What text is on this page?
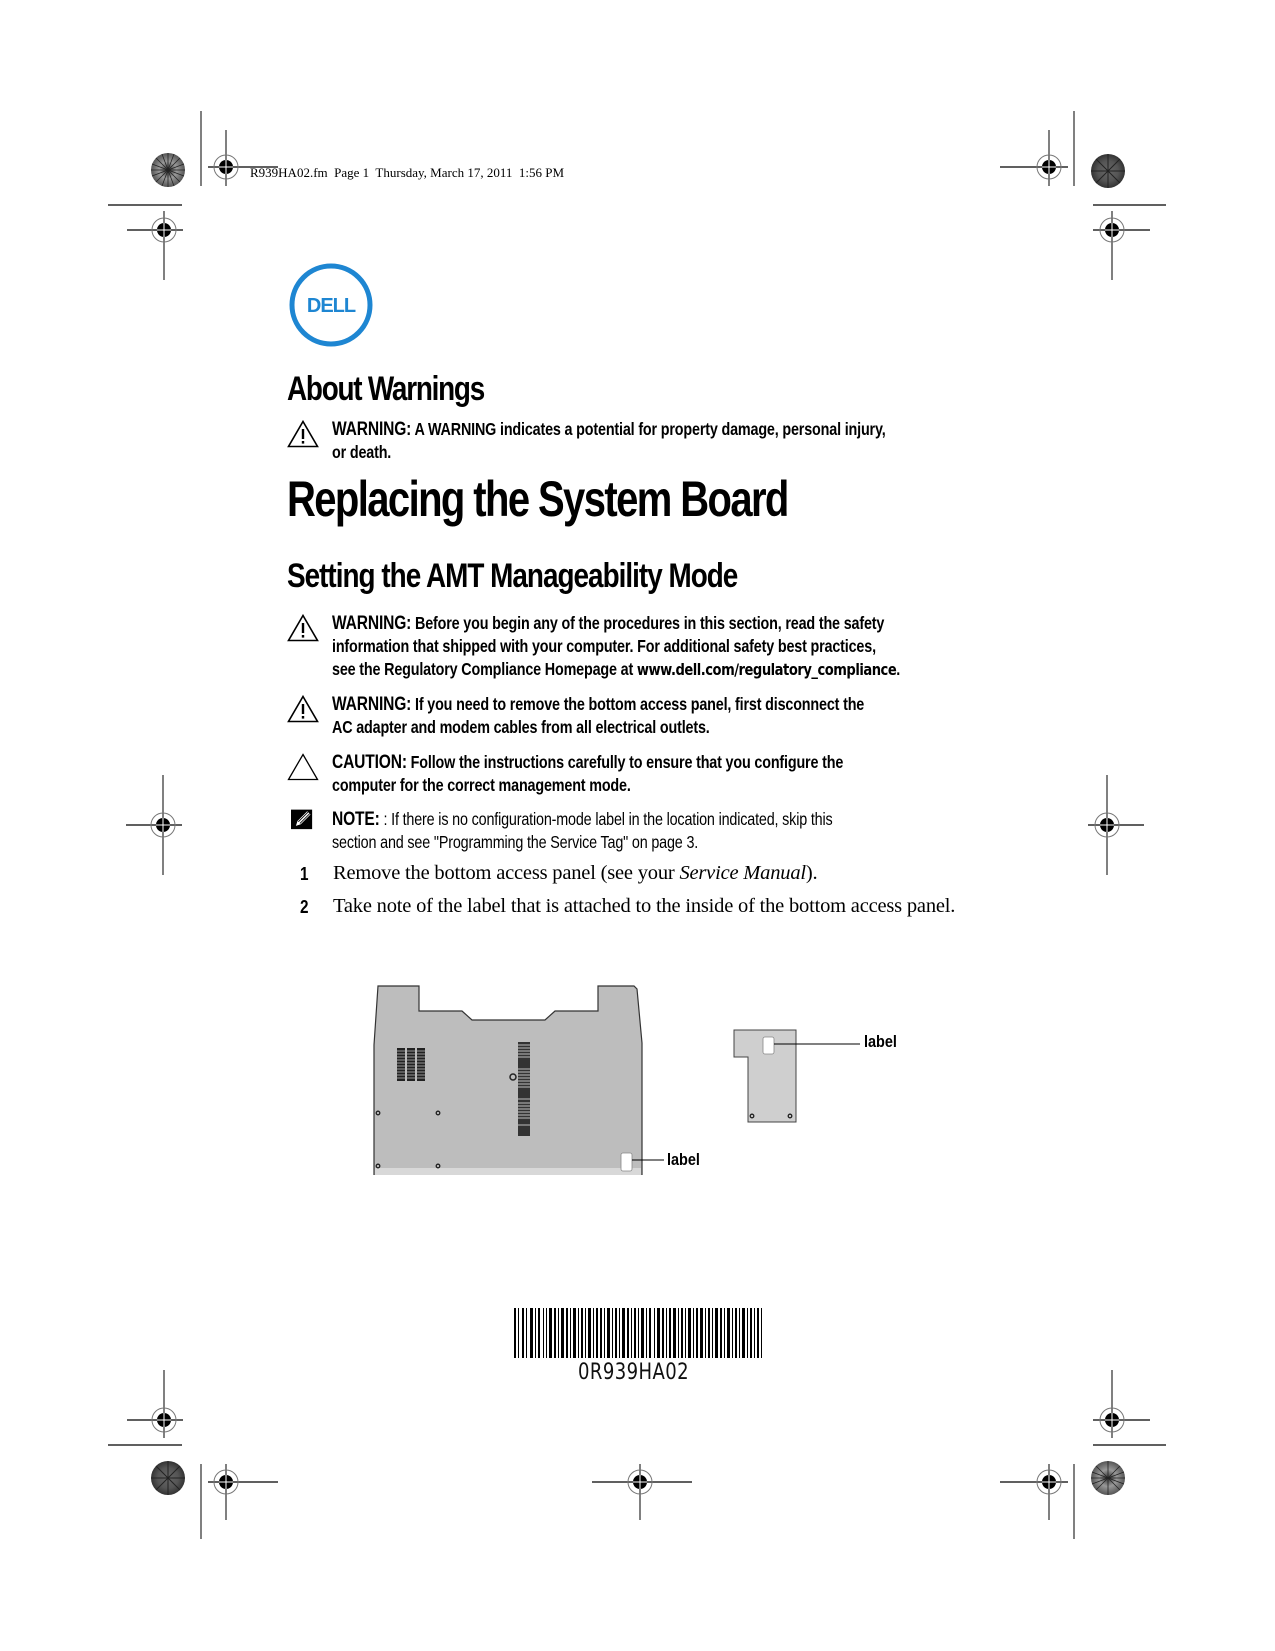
R939HA02.fm  Page 1  Thursday, March 17, 2011  1:56 PM
DELL
About Warnings
WARNING: A WARNING indicates a potential for property damage, personal injury,
or death.
Replacing the System Board
Setting the AMT Manageability Mode
WARNING: Before you begin any of the procedures in this section, read the safety
information that shipped with your computer. For additional safety best practices,
see the Regulatory Compliance Homepage at www.dell.com/regulatory_compliance.
WARNING: If you need to remove the bottom access panel, first disconnect the
AC adapter and modem cables from all electrical outlets.
CAUTION: Follow the instructions carefully to ensure that you configure the
computer for the correct management mode.
NOTE: : If there is no configuration-mode label in the location indicated, skip this
section and see "Programming the Service Tag" on page 3.
1 Remove the bottom access panel (see your Service Manual).
2 Take note of the label that is attached to the inside of the bottom access panel.
label
label
0R939HA02
